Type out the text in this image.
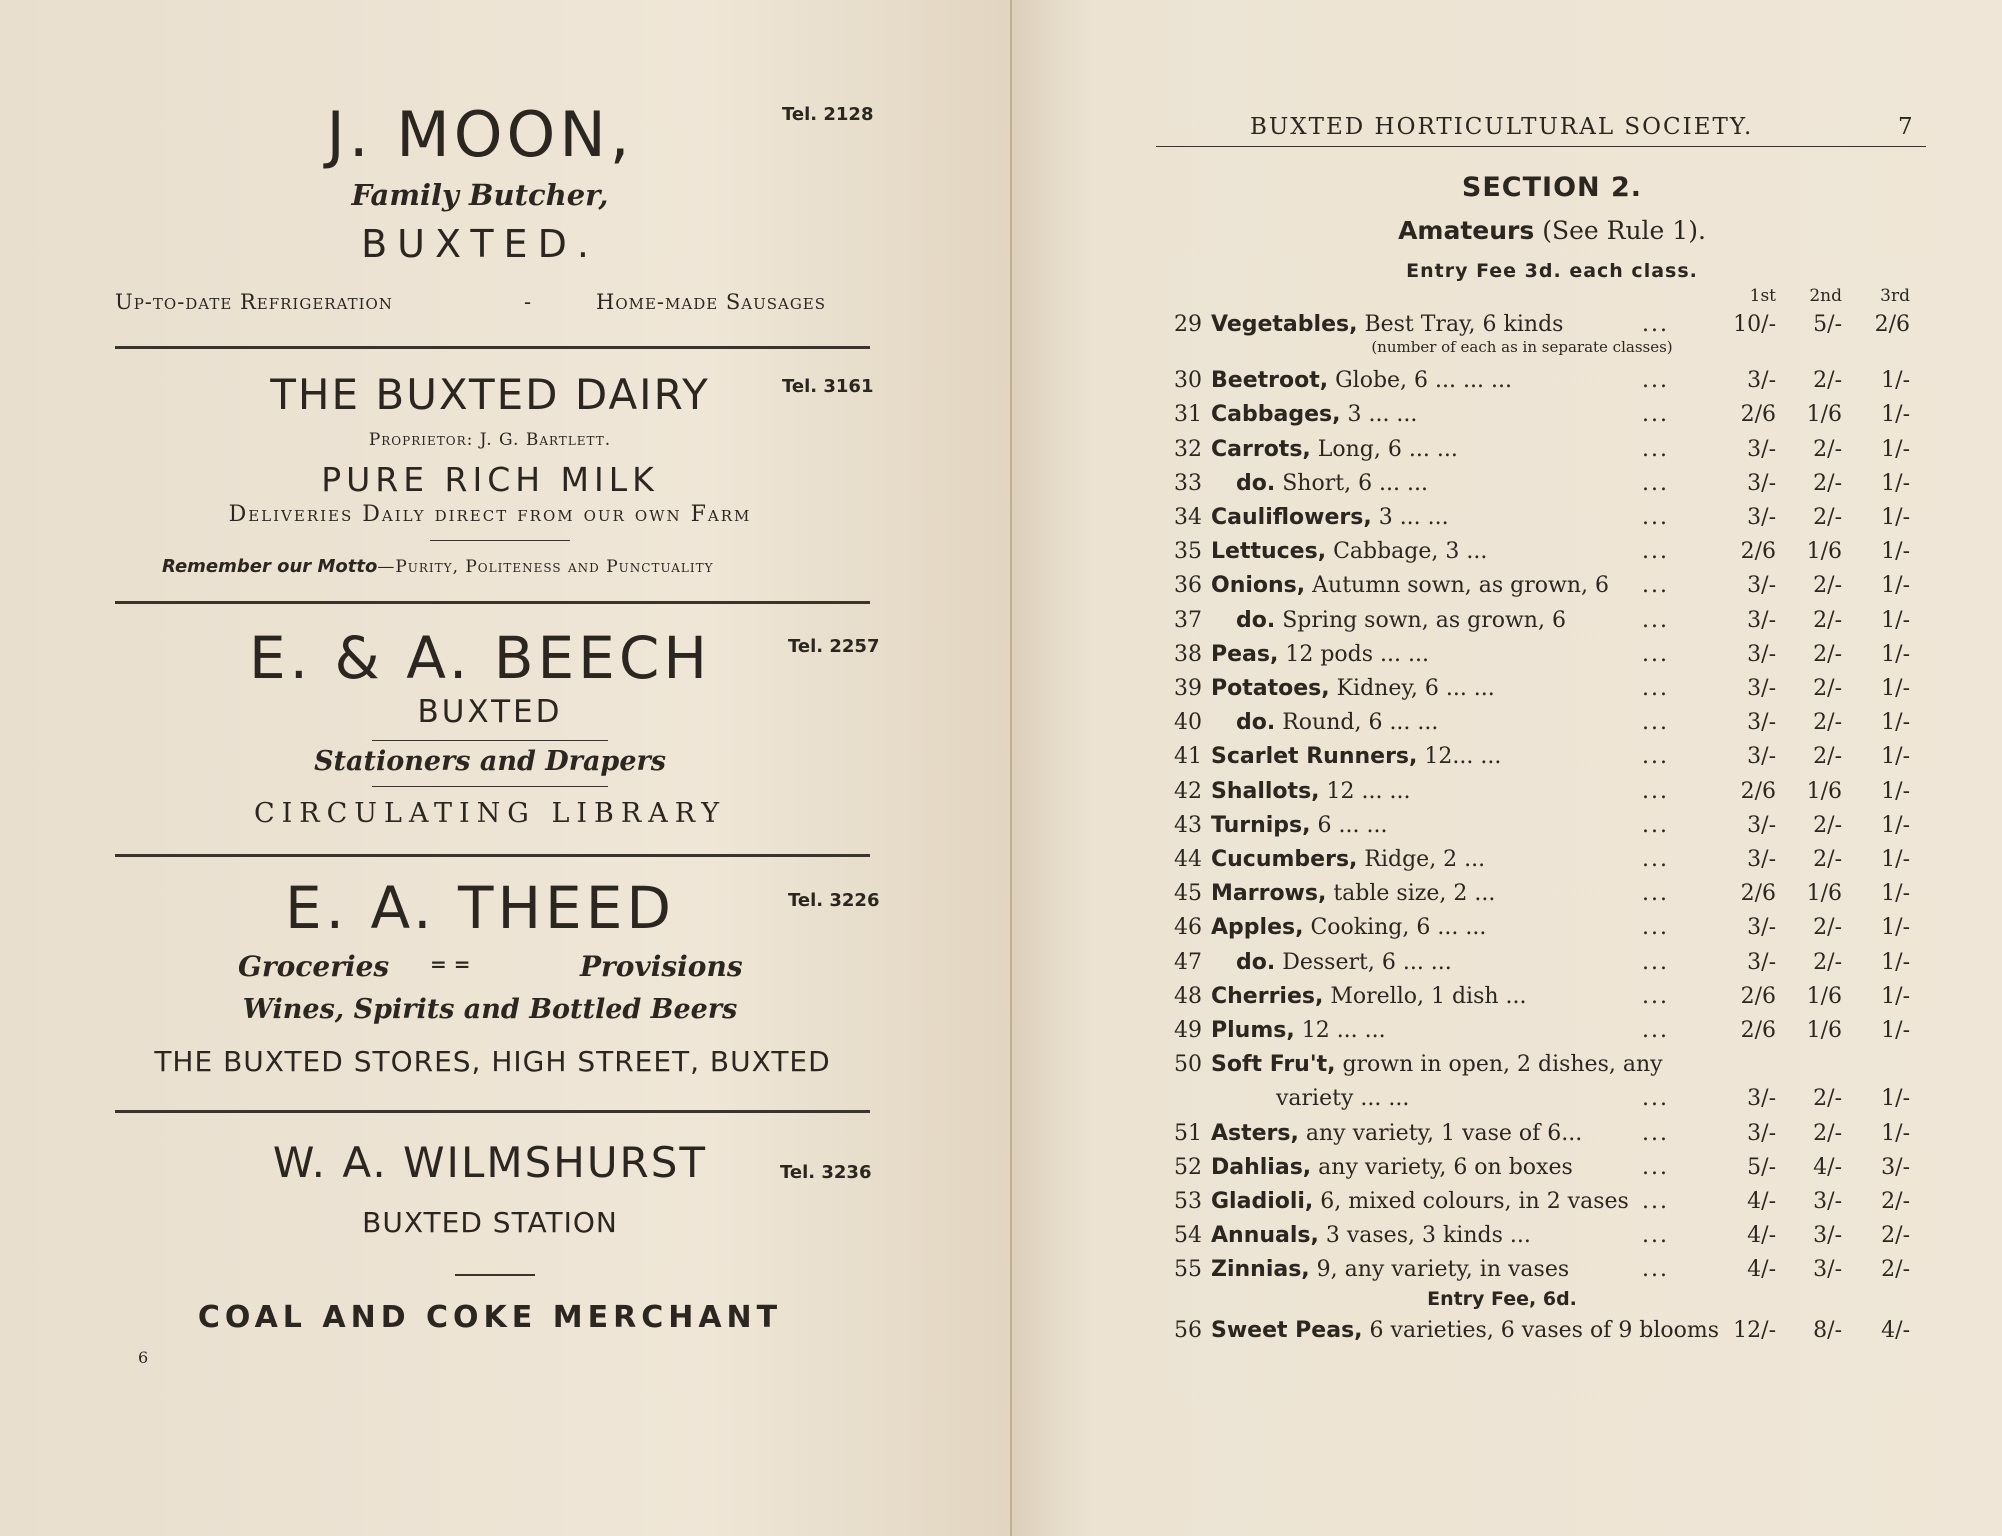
J. MOON,	Tel. 2128
Family Butcher,
BUXTED.
Up-to-date Refrigeration	-	Home-made Sausages
THE BUXTED DAIRY	Tel. 3161
Proprietor: J. G. Bartlett.
PURE RICH MILK
Deliveries Daily direct from our own Farm
Remember our Motto—Purity, Politeness and Punctuality
E. & A. BEECH	Tel. 2257
BUXTED
Stationers and Drapers
CIRCULATING LIBRARY
E. A. THEED	Tel. 3226
Groceries = =	Provisions
Wines, Spirits and Bottled Beers
THE BUXTED STORES, HIGH STREET, BUXTED
W. A. WILMSHURST	Tel. 3236
BUXTED STATION
COAL AND COKE MERCHANT
6
BUXTED HORTICULTURAL SOCIETY.	7
SECTION 2.
Amateurs (See Rule 1).
Entry Fee 3d. each class.
1st	2nd	3rd
29 Vegetables, Best Tray, 6 kinds	...	10/-	5/-	2/6
30 Beetroot, Globe, 6 ... ... ...	...	3/-	2/-	1/-
31 Cabbages, 3 ... ...	...	2/6	1/6	1/-
32 Carrots, Long, 6 ... ...	...	3/-	2/-	1/-
33 do. Short, 6 ... ...	...	3/-	2/-	1/-
34 Cauliflowers, 3 ... ...	...	3/-	2/-	1/-
35 Lettuces, Cabbage, 3 ...	...	2/6	1/6	1/-
36 Onions, Autumn sown, as grown, 6 ...	3/-	2/-	1/-
37 do. Spring sown, as grown, 6	...	3/-	2/-	1/-
38 Peas, 12 pods ... ...	...	3/-	2/-	1/-
39 Potatoes, Kidney, 6 ... ...	...	3/-	2/-	1/-
40 do. Round, 6 ... ...	...	3/-	2/-	1/-
41 Scarlet Runners, 12... ...	...	3/-	2/-	1/-
42 Shallots, 12 ... ...	...	2/6	1/6	1/-
43 Turnips, 6 ... ...	...	3/-	2/-	1/-
44 Cucumbers, Ridge, 2 ...	...	3/-	2/-	1/-
45 Marrows, table size, 2 ...	...	2/6	1/6	1/-
46 Apples, Cooking, 6 ... ...	...	3/-	2/-	1/-
47 do. Dessert, 6 ... ...	...	3/-	2/-	1/-
48 Cherries, Morello, 1 dish ...	...	2/6	1/6	1/-
49 Plums, 12 ... ...	...	2/6	1/6	1/-
50 Soft Fru't, grown in open, 2 dishes, any
variety ... ...	...	3/-	2/-	1/-
51 Asters, any variety, 1 vase of 6...	...	3/-	2/-	1/-
52 Dahlias, any variety, 6 on boxes	...	5/-	4/-	3/-
53 Gladioli, 6, mixed colours, in 2 vases ...	4/-	3/-	2/-
54 Annuals, 3 vases, 3 kinds ...	...	4/-	3/-	2/-
55 Zinnias, 9, any variety, in vases	...	4/-	3/-	2/-
(number of each as in separate classes)
Entry Fee, 6d.
56 Sweet Peas, 6 varieties, 6 vases of 9 blooms 12/-	8/-	4/-
